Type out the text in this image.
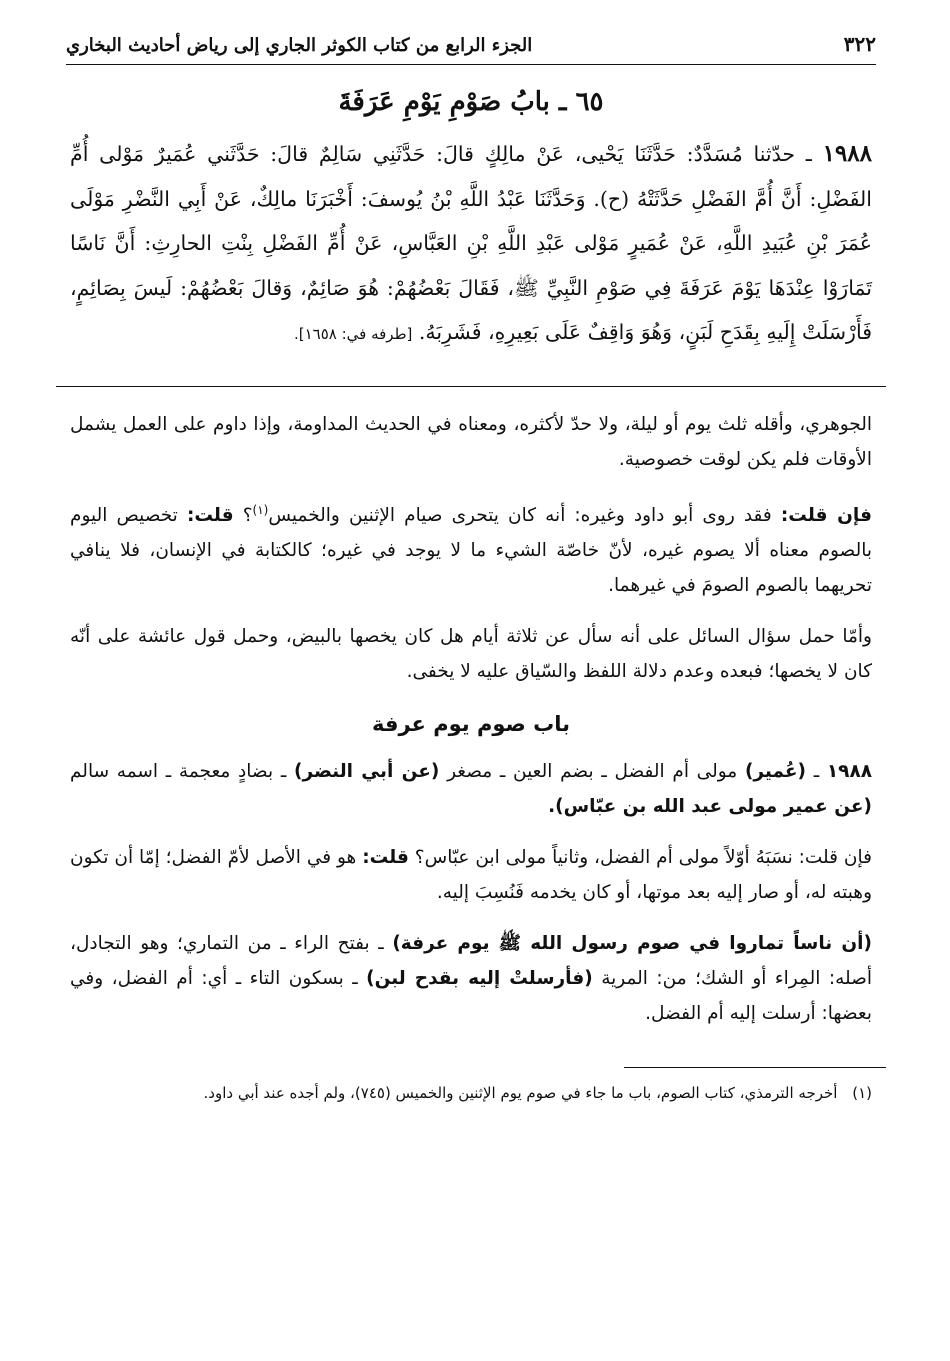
٣٢٢
الجزء الرابع من كتاب الكوثر الجاري إلى رياض أحاديث البخاري
٦٥ ـ بابُ صَوْمِ يَوْمِ عَرَفَةَ
١٩٨٨ ـ حدّثنا مُسَدَّدٌ: حَدَّثَنَا يَحْيى، عَنْ مالِكٍ قالَ: حَدَّثَنِي سَالِمٌ قالَ: حَدَّثَني عُمَيرٌ مَوْلى أُمِّ الفَضْلِ: أَنَّ أُمَّ الفَضْلِ حَدَّثَتْهُ (ح). وَحَدَّثَنَا عَبْدُ اللَّهِ بْنُ يُوسفَ: أَخْبَرَنَا مالِكٌ، عَنْ أَبِي النَّضْرِ مَوْلَى عُمَرَ بْنِ عُبَيدِ اللَّهِ، عَنْ عُمَيرٍ مَوْلى عَبْدِ اللَّهِ بْنِ العَبَّاسِ، عَنْ أُمِّ الفَضْلِ بِنْتِ الحارِثِ: أَنَّ نَاسًا تَمَارَوْا عِنْدَهَا يَوْمَ عَرَفَةَ فِي صَوْمِ النَّبِيِّ ﷺ، فَقَالَ بَعْضُهُمْ: هُوَ صَائِمٌ، وَقالَ بَعْضُهُمْ: لَيسَ بِصَائِمٍ، فَأَرْسَلَتْ إِلَيهِ بِقَدَحِ لَبَنٍ، وَهُوَ وَاقِفٌ عَلَى بَعِيرِهِ، فَشَرِبَهُ. [طرفه في: ١٦٥٨].

الجوهري، وأقله ثلث يوم أو ليلة، ولا حدّ لأكثره، ومعناه في الحديث المداومة، وإذا داوم على العمل يشمل الأوقات فلم يكن لوقت خصوصية.

فإن قلت: فقد روى أبو داود وغيره: أنه كان يتحرى صيام الإثنين والخميس$^{(١)}$؟ قلت: تخصيص اليوم بالصوم معناه ألا يصوم غيره، لأنّ خاصّة الشيء ما لا يوجد في غيره؛ كالكتابة في الإنسان، فلا ينافي تحريهما بالصوم الصومَ في غيرهما.

وأمّا حمل سؤال السائل على أنه سأل عن ثلاثة أيام هل كان يخصها بالبيض، وحمل قول عائشة على أنّه كان لا يخصها؛ فبعده وعدم دلالة اللفظ والسّياق عليه لا يخفى.

باب صوم يوم عرفة

١٩٨٨ ـ (عُمير) مولى أم الفضل ـ بضم العين ـ مصغر (عن أبي النضر) ـ بضادٍ معجمة ـ اسمه سالم (عن عمير مولى عبد الله بن عبّاس).

فإن قلت: نسَبَهُ أوّلاً مولى أم الفضل، وثانياً مولى ابن عبّاس؟ قلت: هو في الأصل لأمّ الفضل؛ إمّا أن تكون وهبته له، أو صار إليه بعد موتها، أو كان يخدمه فَنُسِبَ إليه.

(أن ناساً تماروا في صوم رسول الله ﷺ يوم عرفة) ـ بفتح الراء ـ من التماري؛ وهو التجادل، أصله: المِراء أو الشك؛ من: المرية (فأرسلتْ إليه بقدح لبن) ـ بسكون التاء ـ أي: أم الفضل، وفي بعضها: أرسلت إليه أم الفضل.

(١) أخرجه الترمذي، كتاب الصوم، باب ما جاء في صوم يوم الإثنين والخميس (٧٤٥)، ولم أجده عند أبي داود.
